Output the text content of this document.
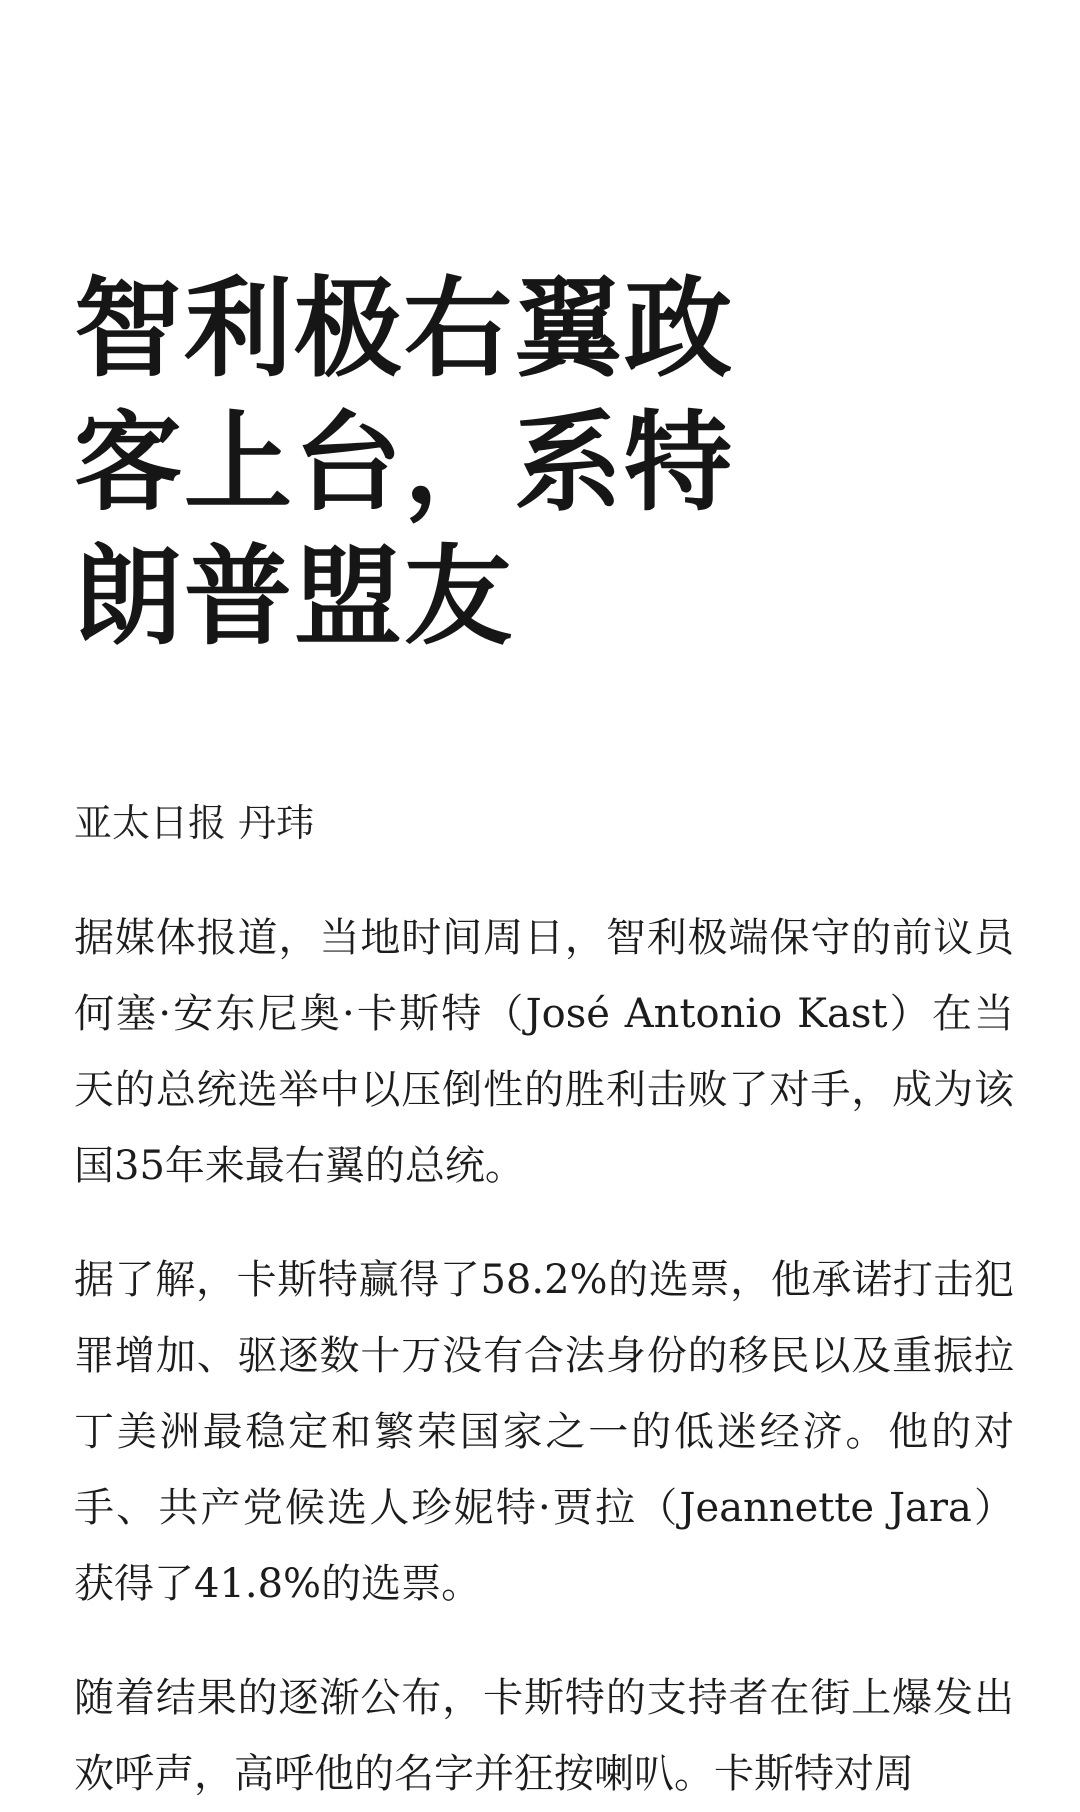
智利极右翼政客上台，系特朗普盟友

亚太日报 丹玮

据媒体报道，当地时间周日，智利极端保守的前议员何塞·安东尼奥·卡斯特（José Antonio Kast）在当天的总统选举中以压倒性的胜利击败了对手，成为该国35年来最右翼的总统。

据了解，卡斯特赢得了58.2%的选票，他承诺打击犯罪增加、驱逐数十万没有合法身份的移民以及重振拉丁美洲最稳定和繁荣国家之一的低迷经济。他的对手、共产党候选人珍妮特·贾拉（Jeannette Jara）获得了41.8%的选票。

随着结果的逐渐公布，卡斯特的支持者在街上爆发出欢呼声，高呼他的名字并狂按喇叭。卡斯特对周
